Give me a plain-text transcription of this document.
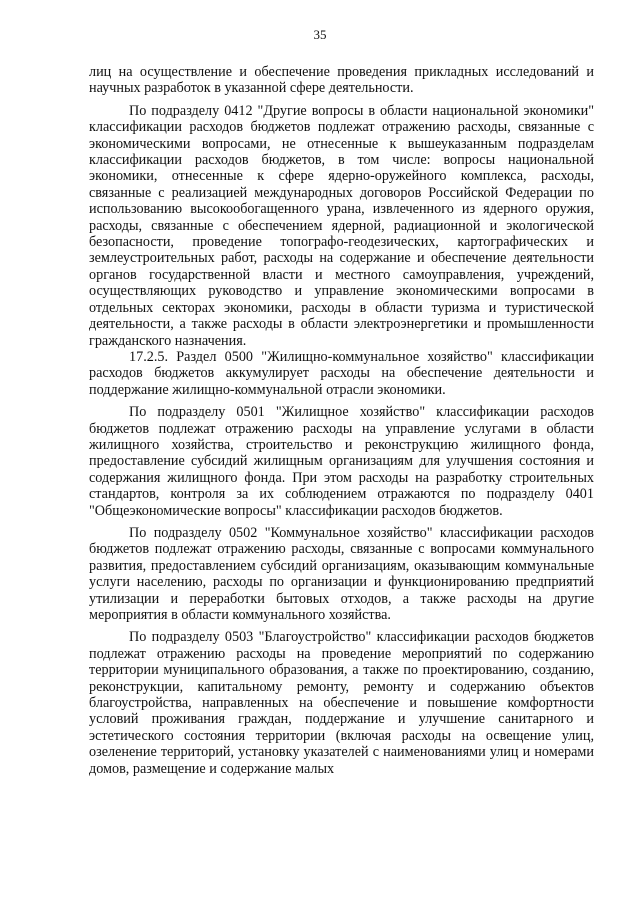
35

лиц на осуществление и обеспечение проведения прикладных исследований и научных разработок в указанной сфере деятельности.

По подразделу 0412 "Другие вопросы в области национальной экономики" классификации расходов бюджетов подлежат отражению расходы, связанные с экономическими вопросами, не отнесенные к вышеуказанным подразделам классификации расходов бюджетов, в том числе: вопросы национальной экономики, отнесенные к сфере ядерно-оружейного комплекса, расходы, связанные с реализацией международных договоров Российской Федерации по использованию высокообогащенного урана, извлеченного из ядерного оружия, расходы, связанные с обеспечением ядерной, радиационной и экологической безопасности, проведение топографо-геодезических, картографических и землеустроительных работ, расходы на содержание и обеспечение деятельности органов государственной власти и местного самоуправления, учреждений, осуществляющих руководство и управление экономическими вопросами в отдельных секторах экономики, расходы в области туризма и туристической деятельности, а также расходы в области электроэнергетики и промышленности гражданского назначения.

17.2.5. Раздел 0500 "Жилищно-коммунальное хозяйство" классификации расходов бюджетов аккумулирует расходы на обеспечение деятельности и поддержание жилищно-коммунальной отрасли экономики.

По подразделу 0501 "Жилищное хозяйство" классификации расходов бюджетов подлежат отражению расходы на управление услугами в области жилищного хозяйства, строительство и реконструкцию жилищного фонда, предоставление субсидий жилищным организациям для улучшения состояния и содержания жилищного фонда. При этом расходы на разработку строительных стандартов, контроля за их соблюдением отражаются по подразделу 0401 "Общеэкономические вопросы" классификации расходов бюджетов.

По подразделу 0502 "Коммунальное хозяйство" классификации расходов бюджетов подлежат отражению расходы, связанные с вопросами коммунального развития, предоставлением субсидий организациям, оказывающим коммунальные услуги населению, расходы по организации и функционированию предприятий утилизации и переработки бытовых отходов, а также расходы на другие мероприятия в области коммунального хозяйства.

По подразделу 0503 "Благоустройство" классификации расходов бюджетов подлежат отражению расходы на проведение мероприятий по содержанию территории муниципального образования, а также по проектированию, созданию, реконструкции, капитальному ремонту, ремонту и содержанию объектов благоустройства, направленных на обеспечение и повышение комфортности условий проживания граждан, поддержание и улучшение санитарного и эстетического состояния территории (включая расходы на освещение улиц, озеленение территорий, установку указателей с наименованиями улиц и номерами домов, размещение и содержание малых
